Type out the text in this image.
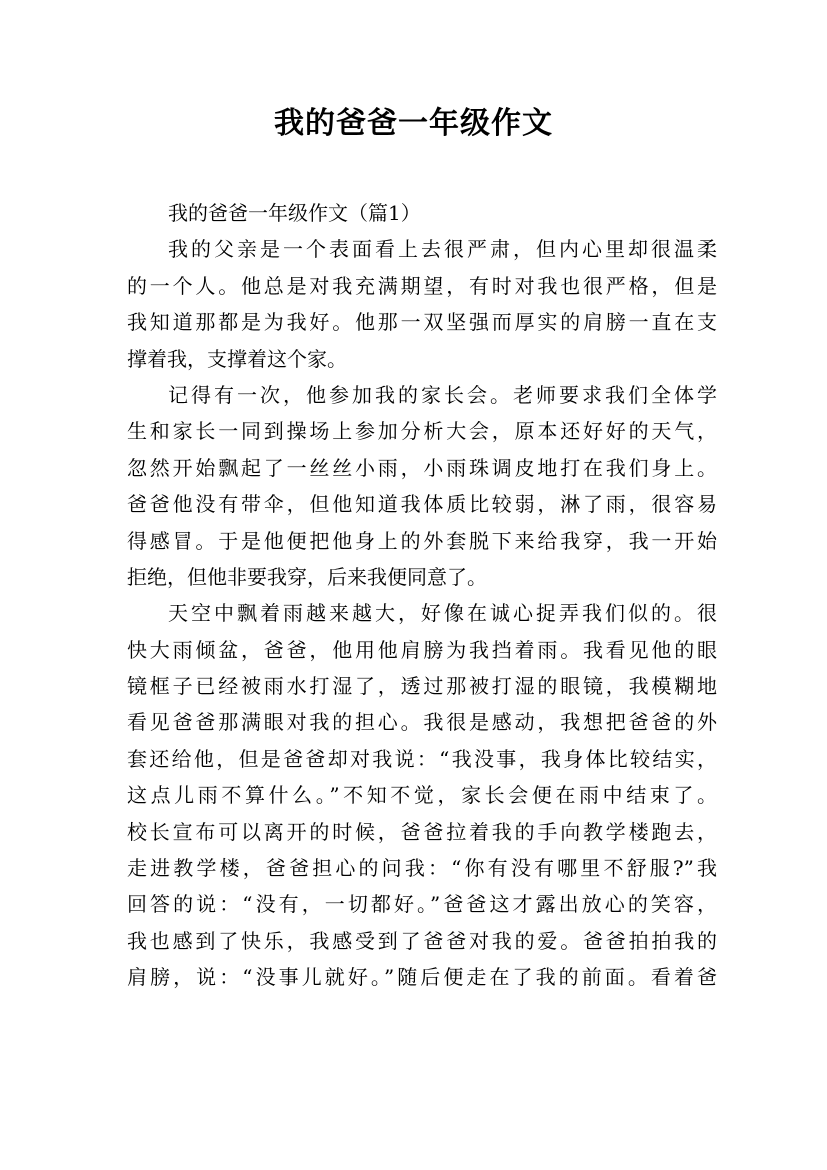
我的爸爸一年级作文
我的爸爸一年级作文（篇1）
我的父亲是一个表面看上去很严肃，但内心里却很温柔
的一个人。他总是对我充满期望，有时对我也很严格，但是
我知道那都是为我好。他那一双坚强而厚实的肩膀一直在支
撑着我，支撑着这个家。
记得有一次，他参加我的家长会。老师要求我们全体学
生和家长一同到操场上参加分析大会，原本还好好的天气，
忽然开始飘起了一丝丝小雨，小雨珠调皮地打在我们身上。
爸爸他没有带伞，但他知道我体质比较弱，淋了雨，很容易
得感冒。于是他便把他身上的外套脱下来给我穿，我一开始
拒绝，但他非要我穿，后来我便同意了。
天空中飘着雨越来越大，好像在诚心捉弄我们似的。很
快大雨倾盆，爸爸，他用他肩膀为我挡着雨。我看见他的眼
镜框子已经被雨水打湿了，透过那被打湿的眼镜，我模糊地
看见爸爸那满眼对我的担心。我很是感动，我想把爸爸的外
套还给他，但是爸爸却对我说：“我没事，我身体比较结实，
这点儿雨不算什么。”不知不觉，家长会便在雨中结束了。
校长宣布可以离开的时候，爸爸拉着我的手向教学楼跑去，
走进教学楼，爸爸担心的问我：“你有没有哪里不舒服?”我
回答的说：“没有，一切都好。”爸爸这才露出放心的笑容，
我也感到了快乐，我感受到了爸爸对我的爱。爸爸拍拍我的
肩膀，说：“没事儿就好。”随后便走在了我的前面。看着爸
